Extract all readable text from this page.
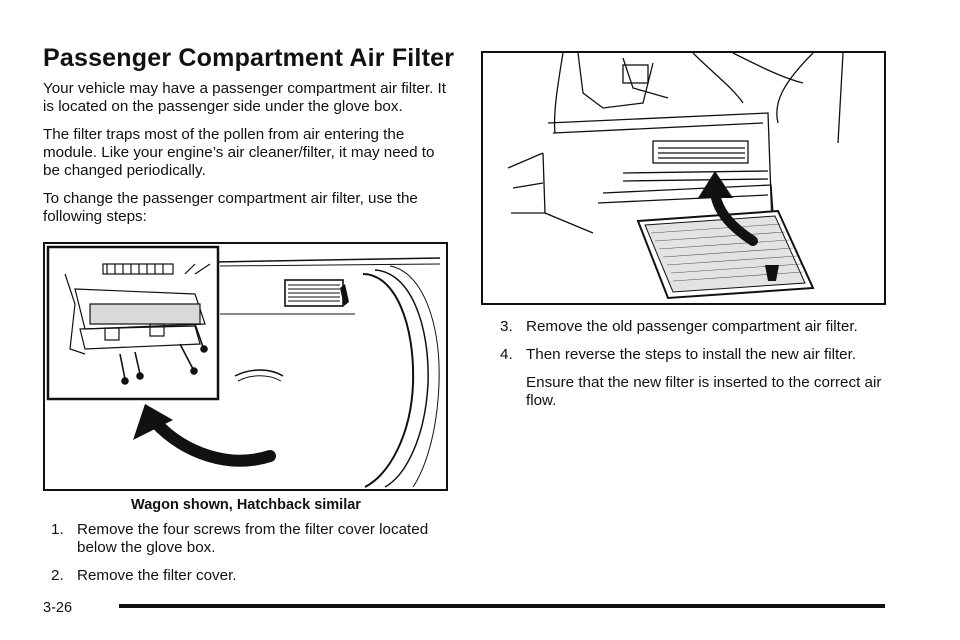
Passenger Compartment Air Filter

Your vehicle may have a passenger compartment air filter. It is located on the passenger side under the glove box.

The filter traps most of the pollen from air entering the module. Like your engine’s air cleaner/filter, it may need to be changed periodically.

To change the passenger compartment air filter, use the following steps:

Wagon shown, Hatchback similar

1. Remove the four screws from the filter cover located below the glove box.
2. Remove the filter cover.
3. Remove the old passenger compartment air filter.
4. Then reverse the steps to install the new air filter.

Ensure that the new filter is inserted to the correct air flow.

3-26
